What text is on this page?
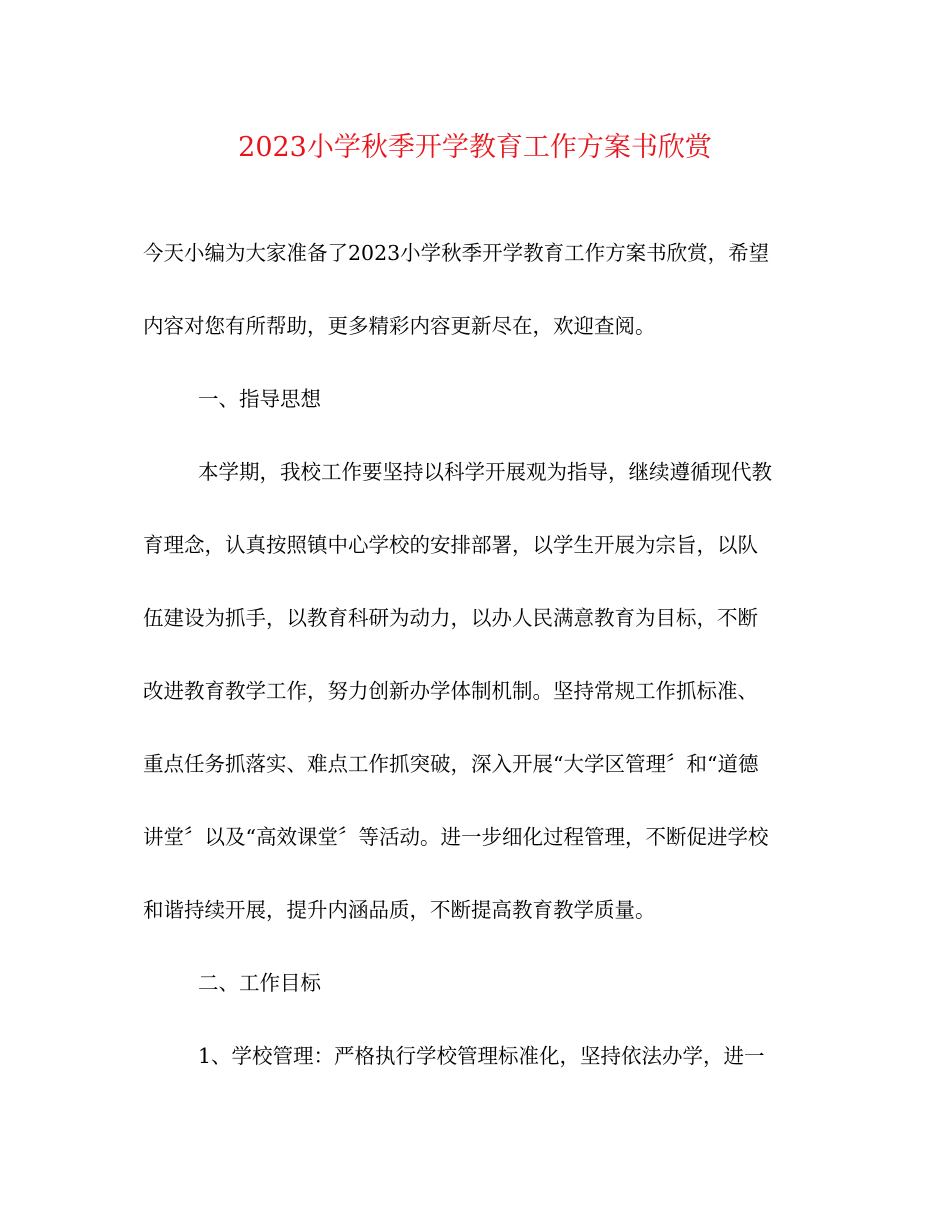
2023小学秋季开学教育工作方案书欣赏
今天小编为大家准备了2023小学秋季开学教育工作方案书欣赏，希望
内容对您有所帮助，更多精彩内容更新尽在，欢迎查阅。
一、指导思想
本学期，我校工作要坚持以科学开展观为指导，继续遵循现代教
育理念，认真按照镇中心学校的安排部署，以学生开展为宗旨，以队
伍建设为抓手，以教育科研为动力，以办人民满意教育为目标，不断
改进教育教学工作，努力创新办学体制机制。坚持常规工作抓标准、
重点任务抓落实、难点工作抓突破，深入开展“大学区管理〞和“道德
讲堂〞以及“高效课堂〞等活动。进一步细化过程管理，不断促进学校
和谐持续开展，提升内涵品质，不断提高教育教学质量。
二、工作目标
1、学校管理：严格执行学校管理标准化，坚持依法办学，进一
